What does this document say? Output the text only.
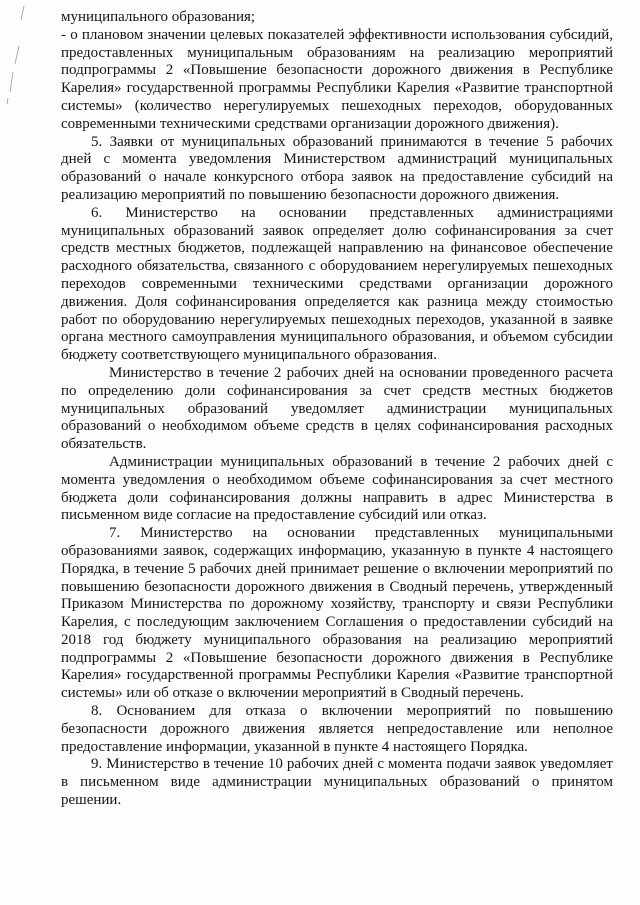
муниципального образования;

- о плановом значении целевых показателей эффективности использования субсидий, предоставленных муниципальным образованиям на реализацию мероприятий подпрограммы 2 «Повышение безопасности дорожного движения в Республике Карелия» государственной программы Республики Карелия «Развитие транспортной системы» (количество нерегулируемых пешеходных переходов, оборудованных современными техническими средствами организации дорожного движения).

5. Заявки от муниципальных образований принимаются в течение 5 рабочих дней с момента уведомления Министерством администраций муниципальных образований о начале конкурсного отбора заявок на предоставление субсидий на реализацию мероприятий по повышению безопасности дорожного движения.

6. Министерство на основании представленных администрациями муниципальных образований заявок определяет долю софинансирования за счет средств местных бюджетов, подлежащей направлению на финансовое обеспечение расходного обязательства, связанного с оборудованием нерегулируемых пешеходных переходов современными техническими средствами организации дорожного движения. Доля софинансирования определяется как разница между стоимостью работ по оборудованию нерегулируемых пешеходных переходов, указанной в заявке органа местного самоуправления муниципального образования, и объемом субсидии бюджету соответствующего муниципального образования.

Министерство в течение 2 рабочих дней на основании проведенного расчета по определению доли софинансирования за счет средств местных бюджетов муниципальных образований уведомляет администрации муниципальных образований о необходимом объеме средств в целях софинансирования расходных обязательств.

Администрации муниципальных образований в течение 2 рабочих дней с момента уведомления о необходимом объеме софинансирования за счет местного бюджета доли софинансирования должны направить в адрес Министерства в письменном виде согласие на предоставление субсидий или отказ.

7. Министерство на основании представленных муниципальными образованиями заявок, содержащих информацию, указанную в пункте 4 настоящего Порядка, в течение 5 рабочих дней принимает решение о включении мероприятий по повышению безопасности дорожного движения в Сводный перечень, утвержденный Приказом Министерства по дорожному хозяйству, транспорту и связи Республики Карелия, с последующим заключением Соглашения о предоставлении субсидий на 2018 год бюджету муниципального образования на реализацию мероприятий подпрограммы 2 «Повышение безопасности дорожного движения в Республике Карелия» государственной программы Республики Карелия «Развитие транспортной системы» или об отказе о включении мероприятий в Сводный перечень.

8. Основанием для отказа о включении мероприятий по повышению безопасности дорожного движения является непредоставление или неполное предоставление информации, указанной в пункте 4 настоящего Порядка.

9. Министерство в течение 10 рабочих дней с момента подачи заявок уведомляет в письменном виде администрации муниципальных образований о принятом решении.
